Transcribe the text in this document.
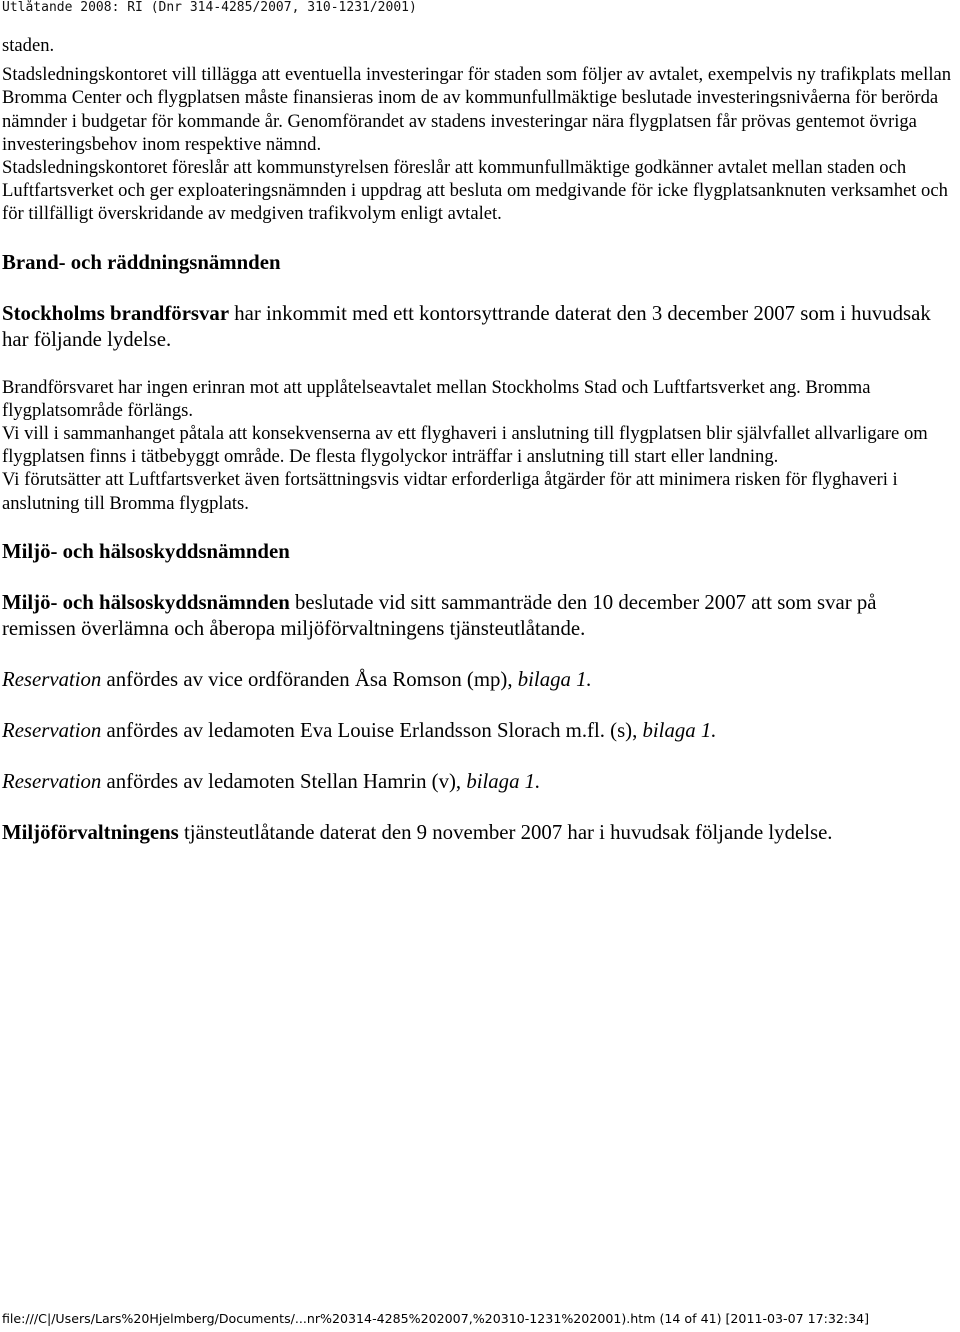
Utlåtande 2008: RI (Dnr 314-4285/2007, 310-1231/2001)

staden.

Stadsledningskontoret vill tillägga att eventuella investeringar för staden som följer av avtalet, exempelvis ny trafikplats mellan Bromma Center och flygplatsen måste finansieras inom de av kommunfullmäktige beslutade investeringsnivåerna för berörda nämnder i budgetar för kommande år. Genomförandet av stadens investeringar nära flygplatsen får prövas gentemot övriga investeringsbehov inom respektive nämnd.

Stadsledningskontoret föreslår att kommunstyrelsen föreslår att kommunfullmäktige godkänner avtalet mellan staden och Luftfartsverket och ger exploateringsnämnden i uppdrag att besluta om medgivande för icke flygplatsanknuten verksamhet och för tillfälligt överskridande av medgiven trafikvolym enligt avtalet.

Brand- och räddningsnämnden

Stockholms brandförsvar har inkommit med ett kontorsyttrande daterat den 3 december 2007 som i huvudsak har följande lydelse.

Brandförsvaret har ingen erinran mot att upplåtelseavtalet mellan Stockholms Stad och Luftfartsverket ang. Bromma flygplatsområde förlängs.

Vi vill i sammanhanget påtala att konsekvenserna av ett flyghaveri i anslutning till flygplatsen blir självfallet allvarligare om flygplatsen finns i tätbebyggt område. De flesta flygolyckor inträffar i anslutning till start eller landning.

Vi förutsätter att Luftfartsverket även fortsättningsvis vidtar erforderliga åtgärder för att minimera risken för flyghaveri i anslutning till Bromma flygplats.

Miljö- och hälsoskyddsnämnden

Miljö- och hälsoskyddsnämnden beslutade vid sitt sammanträde den 10 december 2007 att som svar på remissen överlämna och åberopa miljöförvaltningens tjänsteutlåtande.

Reservation anfördes av vice ordföranden Åsa Romson (mp), bilaga 1.

Reservation anfördes av ledamoten Eva Louise Erlandsson Slorach m.fl. (s), bilaga 1.

Reservation anfördes av ledamoten Stellan Hamrin (v), bilaga 1.

Miljöförvaltningens tjänsteutlåtande daterat den 9 november 2007 har i huvudsak följande lydelse.

file:///C|/Users/Lars%20Hjelmberg/Documents/...nr%20314-4285%202007,%20310-1231%202001).htm (14 of 41) [2011-03-07 17:32:34]
